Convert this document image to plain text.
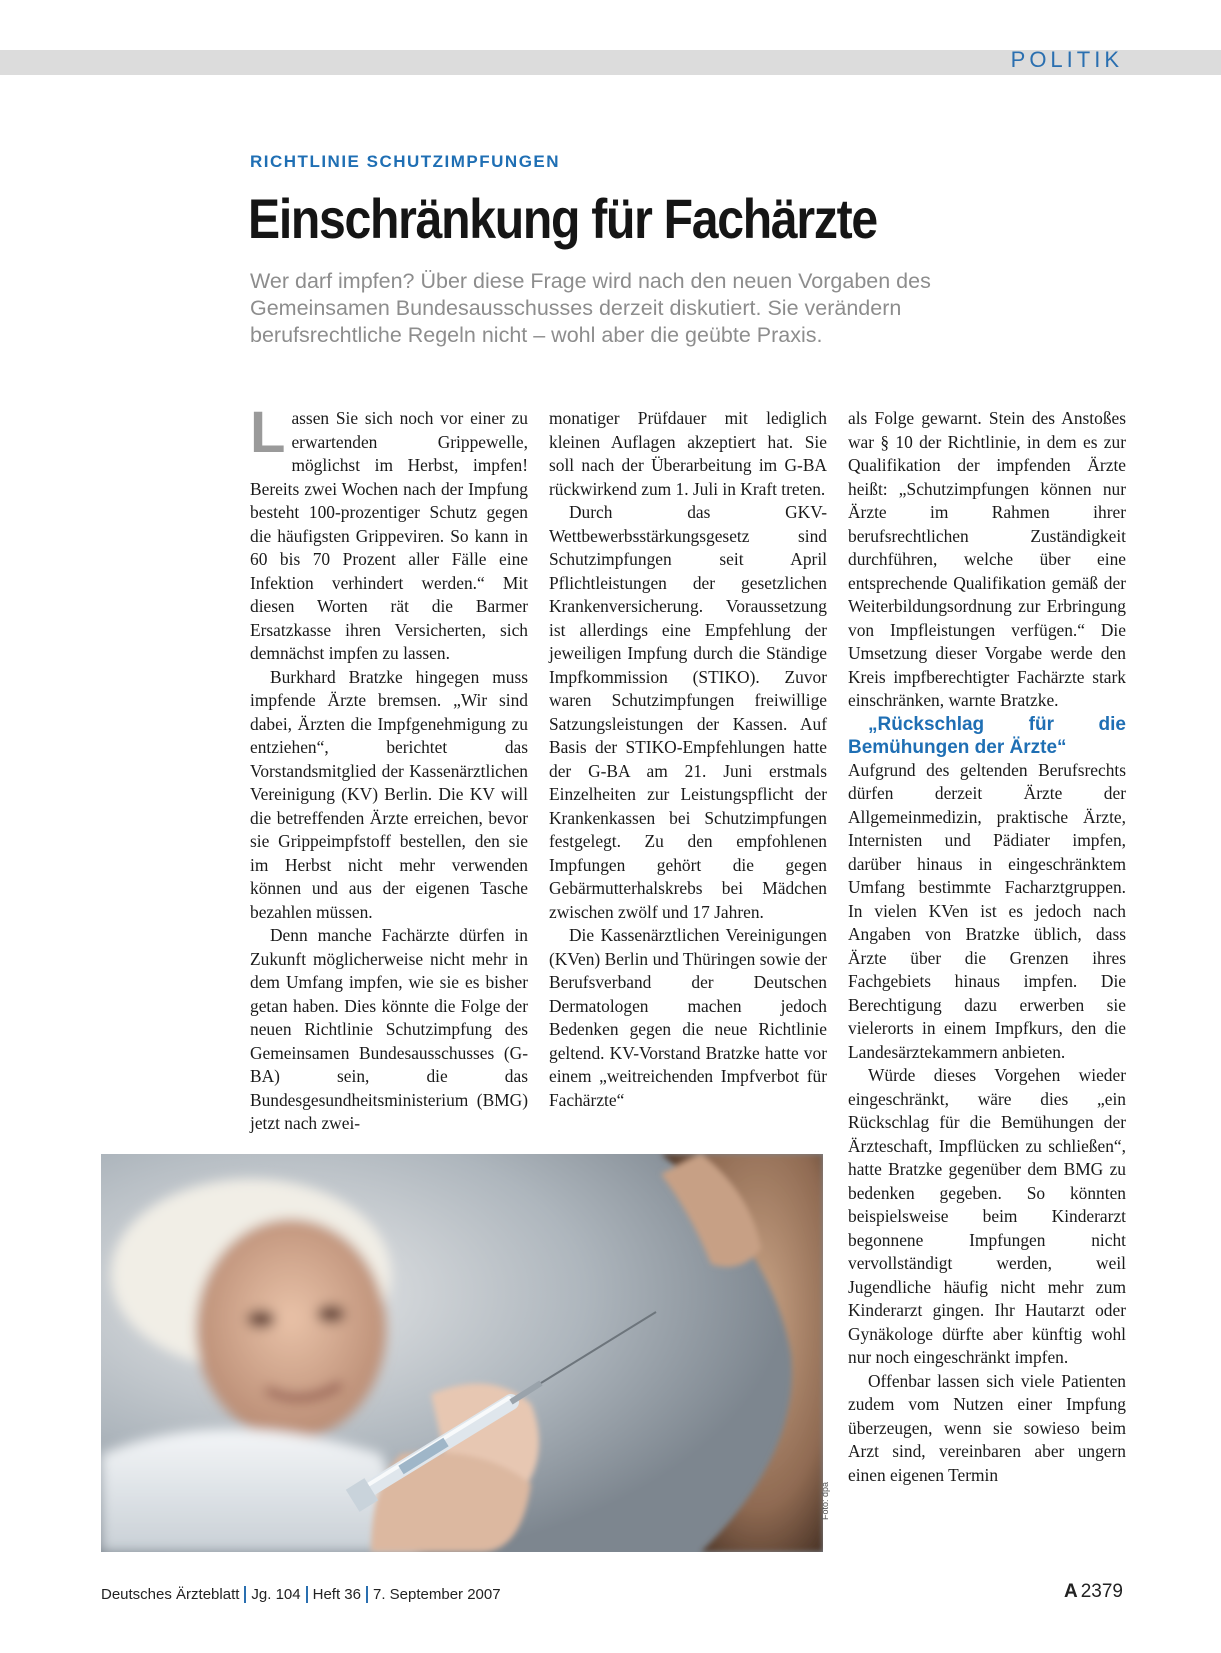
POLITIK
RICHTLINIE SCHUTZIMPFUNGEN
Einschränkung für Fachärzte
Wer darf impfen? Über diese Frage wird nach den neuen Vorgaben des Gemeinsamen Bundesausschusses derzeit diskutiert. Sie verändern berufsrechtliche Regeln nicht – wohl aber die geübte Praxis.

Lassen Sie sich noch vor einer zu erwartenden Grippewelle, möglichst im Herbst, impfen! Bereits zwei Wochen nach der Impfung besteht 100-prozentiger Schutz gegen die häufigsten Grippeviren. So kann in 60 bis 70 Prozent aller Fälle eine Infektion verhindert werden.“ Mit diesen Worten rät die Barmer Ersatzkasse ihren Versicherten, sich demnächst impfen zu lassen.

Burkhard Bratzke hingegen muss impfende Ärzte bremsen. „Wir sind dabei, Ärzten die Impfgenehmigung zu entziehen“, berichtet das Vorstandsmitglied der Kassenärztlichen Vereinigung (KV) Berlin. Die KV will die betreffenden Ärzte erreichen, bevor sie Grippeimpfstoff bestellen, den sie im Herbst nicht mehr verwenden können und aus der eigenen Tasche bezahlen müssen.

Denn manche Fachärzte dürfen in Zukunft möglicherweise nicht mehr in dem Umfang impfen, wie sie es bisher getan haben. Dies könnte die Folge der neuen Richtlinie Schutzimpfung des Gemeinsamen Bundesausschusses (G-BA) sein, die das Bundesgesundheitsministerium (BMG) jetzt nach zwei-

monatiger Prüfdauer mit lediglich kleinen Auflagen akzeptiert hat. Sie soll nach der Überarbeitung im G-BA rückwirkend zum 1. Juli in Kraft treten.

Durch das GKV-Wettbewerbsstärkungsgesetz sind Schutzimpfungen seit April Pflichtleistungen der gesetzlichen Krankenversicherung. Voraussetzung ist allerdings eine Empfehlung der jeweiligen Impfung durch die Ständige Impfkommission (STIKO). Zuvor waren Schutzimpfungen freiwillige Satzungsleistungen der Kassen. Auf Basis der STIKO-Empfehlungen hatte der G-BA am 21. Juni erstmals Einzelheiten zur Leistungspflicht der Krankenkassen bei Schutzimpfungen festgelegt. Zu den empfohlenen Impfungen gehört die gegen Gebärmutterhalskrebs bei Mädchen zwischen zwölf und 17 Jahren.

Die Kassenärztlichen Vereinigungen (KVen) Berlin und Thüringen sowie der Berufsverband der Deutschen Dermatologen machen jedoch Bedenken gegen die neue Richtlinie geltend. KV-Vorstand Bratzke hatte vor einem „weitreichenden Impfverbot für Fachärzte“

als Folge gewarnt. Stein des Anstoßes war § 10 der Richtlinie, in dem es zur Qualifikation der impfenden Ärzte heißt: „Schutzimpfungen können nur Ärzte im Rahmen ihrer berufsrechtlichen Zuständigkeit durchführen, welche über eine entsprechende Qualifikation gemäß der Weiterbildungsordnung zur Erbringung von Impfleistungen verfügen.“ Die Umsetzung dieser Vorgabe werde den Kreis impfberechtigter Fachärzte stark einschränken, warnte Bratzke.

„Rückschlag für die Bemühungen der Ärzte“

Aufgrund des geltenden Berufsrechts dürfen derzeit Ärzte der Allgemeinmedizin, praktische Ärzte, Internisten und Pädiater impfen, darüber hinaus in eingeschränktem Umfang bestimmte Facharztgruppen. In vielen KVen ist es jedoch nach Angaben von Bratzke üblich, dass Ärzte über die Grenzen ihres Fachgebiets hinaus impfen. Die Berechtigung dazu erwerben sie vielerorts in einem Impfkurs, den die Landesärztekammern anbieten.

Würde dieses Vorgehen wieder eingeschränkt, wäre dies „ein Rückschlag für die Bemühungen der Ärzteschaft, Impflücken zu schließen“, hatte Bratzke gegenüber dem BMG zu bedenken gegeben. So könnten beispielsweise beim Kinderarzt begonnene Impfungen nicht vervollständigt werden, weil Jugendliche häufig nicht mehr zum Kinderarzt gingen. Ihr Hautarzt oder Gynäkologe dürfte aber künftig wohl nur noch eingeschränkt impfen.

Offenbar lassen sich viele Patienten zudem vom Nutzen einer Impfung überzeugen, wenn sie sowieso beim Arzt sind, vereinbaren aber ungern einen eigenen Termin

Foto: dpa
Deutsches Ärzteblatt Jg. 104 Heft 36 7. September 2007	A 2379
